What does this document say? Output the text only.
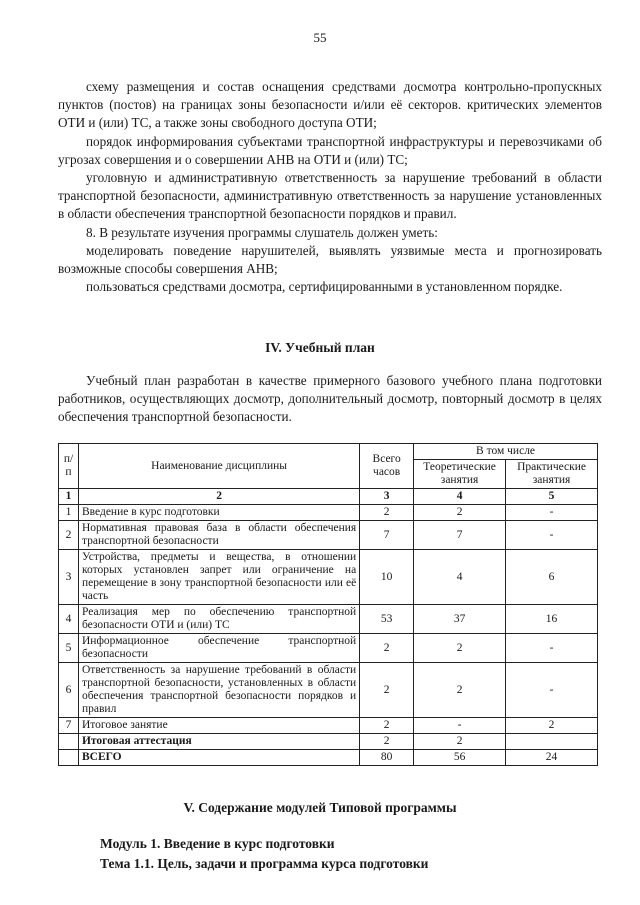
55

схему размещения и состав оснащения средствами досмотра контрольно-пропускных пунктов (постов) на границах зоны безопасности и/или её секторов. критических элементов ОТИ и (или) ТС, а также зоны свободного доступа ОТИ;

порядок информирования субъектами транспортной инфраструктуры и перевозчиками об угрозах совершения и о совершении АНВ на ОТИ и (или) ТС;

уголовную и административную ответственность за нарушение требований в области транспортной безопасности, административную ответственность за нарушение установленных в области обеспечения транспортной безопасности порядков и правил.

8. В результате изучения программы слушатель должен уметь:

моделировать поведение нарушителей, выявлять уязвимые места и прогнозировать возможные способы совершения АНВ;

пользоваться средствами досмотра, сертифицированными в установленном порядке.

IV. Учебный план

Учебный план разработан в качестве примерного базового учебного плана подготовки работников, осуществляющих досмотр, дополнительный досмотр, повторный досмотр в целях обеспечения транспортной безопасности.

п/п	Наименование дисциплины	Всего часов	В том числе	
			Теоретические занятия	Практические занятия
1	2	3	4	5
1	Введение в курс подготовки	2	2	-
2	Нормативная правовая база в области обеспечения транспортной безопасности	7	7	-
3	Устройства, предметы и вещества, в отношении которых установлен запрет или ограничение на перемещение в зону транспортной безопасности или её часть	10	4	6
4	Реализация мер по обеспечению транспортной безопасности ОТИ и (или) ТС	53	37	16
5	Информационное обеспечение транспортной безопасности	2	2	-
6	Ответственность за нарушение требований в области транспортной безопасности, установленных в области обеспечения транспортной безопасности порядков и правил	2	2	-
7	Итоговое занятие	2	-	2
	Итоговая аттестация	2	2	
	ВСЕГО	80	56	24
V. Содержание модулей Типовой программы
Модуль 1. Введение в курс подготовки
Тема 1.1. Цель, задачи и программа курса подготовки
